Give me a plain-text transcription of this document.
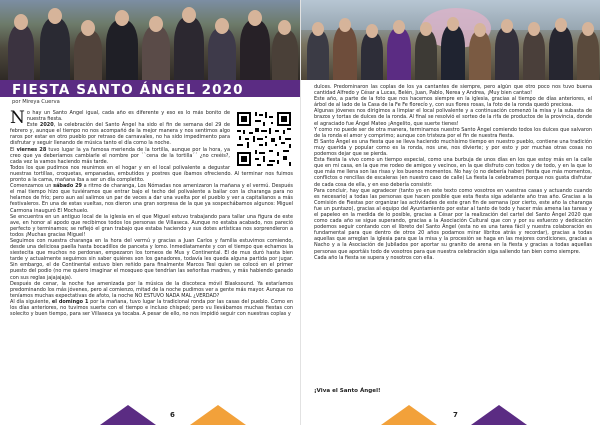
FIESTA SANTO ÁNGEL 2020
por Mireya Cuerva

No hay un Santo Ángel igual, cada año es diferente y eso es lo más bonito de nuestra fiesta.

Este 2020, la celebración del Santo Ángel ha sido el fin de semana del 29 de febrero y, aunque el tiempo no nos acompañó de la mejor manera y nos sentimos algo raros por estar en otro pueblo por retraso de carnavales, no ha sido impedimento para disfrutar y seguir llenando de música tanto el día como la noche.

El viernes 28 tuvo lugar la ya famosa merienda de la tortilla, aunque por la hora, ya creo que ya deberíamos cambiarle el nombre por ``cena de la tortilla´´ ¿no creéis?, cada vez la vamos haciendo más tarde.

Todos los que pudimos nos reunimos en el hogar y en el local polivalente a degustar nuestras tortillas, croquetas, empanadas, embutidos y postres que íbamos ofreciendo. Al terminar nos fuimos pronto a la cama, mañana iba a ser un día completito.

Comenzamos un sábado 29 a ritmo de charanga, Los Nómadas nos amenizaron la mañana y el vermú. Después el mal tiempo hizo que tuviéramos que entrar bajo el techo del polivalente a bailar con la charanga para no helarnos de frío; pero aun así salimos un par de veces a dar una vuelta por el pueblo y ver a capitalianos a más festivaleros. En una de estas vueltas, nos dieron una gran sorpresa de la que ya sospechábamos algunos: Miguel Carmona inauguró El Mochuelo.

Se encuentra en un antiguo local de la iglesia en el que Miguel estuvo trabajando para tallar una figura de este ave, en honor al apodo que recibimos todos los personas de Villaseca. Aunque no estaba acabado, nos pareció perfecto y terminamos; se reflejó el gran trabajo que estaba haciendo y sus dotes artísticas nos sorprendieron a todos ¡Muchas gracias Miguel!

Seguimos con nuestra charanga en la hora del vermú y gracias a Juan Carlos y familia estuvimos comiendo, desde una deliciosa paella hasta bocadillos de panceta y lomo. Inmediatamente y con el tiempo que echamos la siestecita que muchos no perdonan, empezaron los torneos de Mus y Continental. El de mus duró hasta bien tarde y actualmente seguimos sin saber quiénes son los ganadores, todavía les queda alguna partida por jugar. Sin embargo, el de Continental estuvo bien reñido para finalmente Marcos Tesi quien se colocó en el primer puesto del podio (no me quiero imaginar el mosqueo que tendrían las señoritas madres, y más habiendo ganado con sus reglas jajajajaja).

Después de cenar, la noche fue amenizada por la música de la discoteca móvil Blasksound. Ya estaríamos predominando los más jóvenes, pero al comienzo, mitad de la noche pudimos ver a gente más mayor. Aunque no teníamos muchas expectativas de afoto, la noche NO ESTUVO NADA MAL ¿VERDAD?

Al día siguiente, el domingo 1 por la mañana, tuvo lugar la tradicional ronda por las casas del pueblo. Como en los días anteriores, no tuvimos suerte con el tiempo e incluso chispeó; pero vu llevábamos muchas fiestas con solecito y buen tiempo, para ser Villaseca ya tocaba. A pesar de ello, no nos impidió seguir con nuestras coplas y

6

dulces. Predominaron las coplas de los ya cantantes de siempre, pero algún que otro poco nos tuvo buena cantidad Alfredo y César a Lucas, Belén, Juan, Pablo, Nerea y Andrea, ¡Muy bien cantao!

Este año, a parte de la foto que nos hacemos siempre en la iglesia, gracias al tiempo de días anteriores, el árbol de al lado de la Casa de la Fe Fe florecío y, con sus flores rosas, la foto de la ronda quedó preciosa.

Algunas jóvenes nos dirigimos a limpiar el local polivalente y a continuación comenzó la misa y la subasta de brazos y tortas de dulces de la ronda. Al final se resolvió el sorteo de la rifa de productos de la provincia, donde el agraciado fue Ángel Mateo ¡Angelito, que suerte tienes!

Y como no puede ser de otra manera, terminamos nuestro Santo Ángel comiendo todos los dulces que salvaron de la ronda el amor y comprimo; aunque con tristeza por el fin de nuestra fiesta.

El Santo Ángel es una fiesta que se lleva haciendo muchísimo tiempo en nuestro pueblo, contiene una tradición muy querida y popular como es la ronda, nos une, nos divierte; y por esto y por muchas otras cosas no podemos dejar que se pierda.

Esta fiesta la vivo como un tiempo especial, como una burbuja de unos días en los que estoy más en la calle que en mi casa, en la que me rodeo de amigos y vecinos, en la que disfruto con todos y de todo, y en la que lo que más me llena son las risas y los buenos momentos. No hay (o no debería haber) fiesta que más momentos, conflictos o rencillas de escaleras (en nuestro caso de calle) La fiesta la celebramos porque nos gusta disfrutar de cada cosa de ella, y en eso debería consistir.

Para concluir, hay que agradecer (tanto yo en este texto como vosotros en vuestras casas y actuando cuando es necesario) a todas las personas que hacen posible que esta fiesta siga adelante año tras año. Gracias a la Comisión de Fiestas por organizar las actividades de este gran fin de semana (por cierto, este año la charanga fue un puntazo), gracias al equipo del Ayuntamiento por estar al tanto de todo y hacer más amena las tareas y el papeleo en la medida de lo posible, gracias a César por la realización del cartel del Santo Ángel 2020 que como cada año se sigue superando, gracias a la Asociación Cultural que con y por su esfuerzo y dedicación podemos seguir contando con el libreto del Santo Ángel (esta no es una tarea fácil y nuestra colaboración es fundamental para que dentro de otros 20 años podamos mirar libritos atrás y recordar), gracias a todas aquellas que arreglan la iglesia para que la misa y la procesión se haga en las mejores condiciones, gracias a Nacho y a la Asociación de Jubilados por aportar su granito de arena en la fiesta y gracias a todas aquellas personas que aportáis todo de vosotros para que nuestra celebración siga saliendo tan bien como siempre.

Cada año la fiesta se supera y nosotros con ella.

¡Viva el Santo Ángel!
7
